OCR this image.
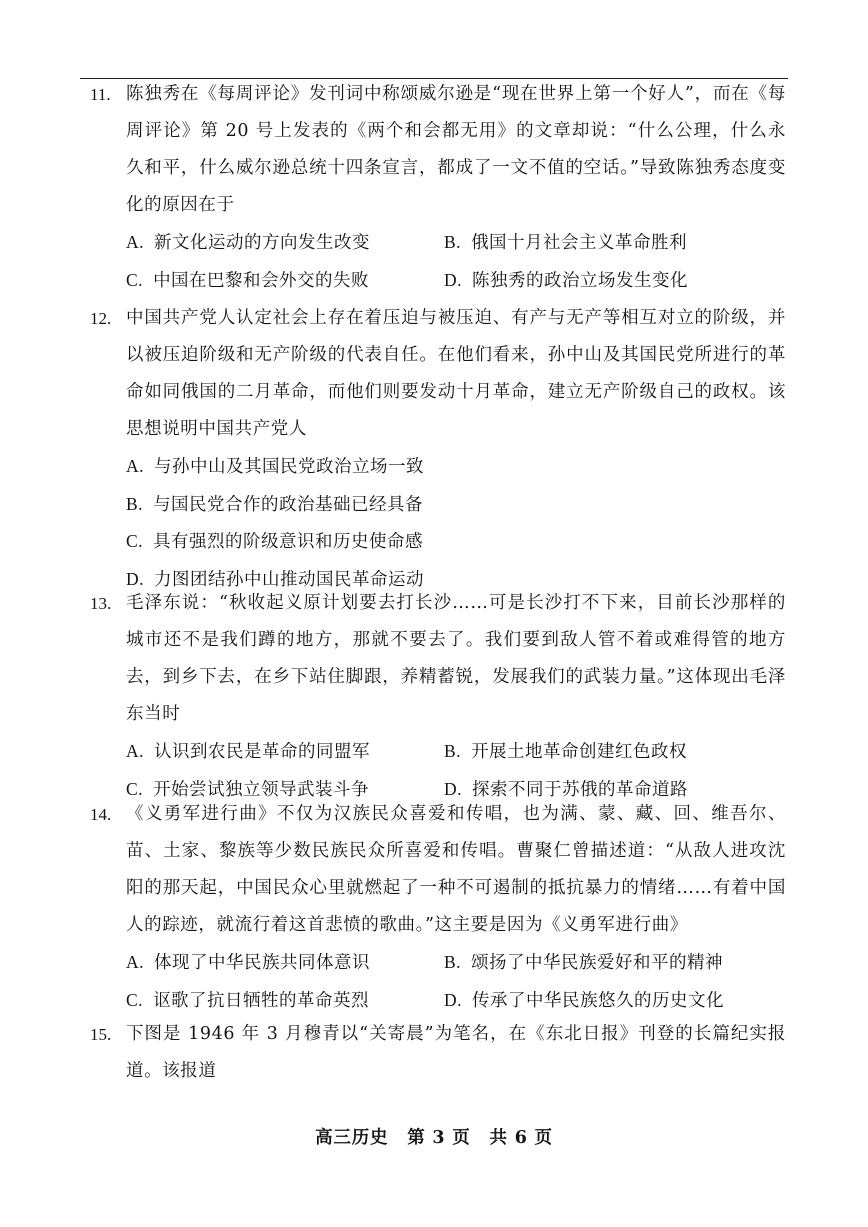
11. 陈独秀在《每周评论》发刊词中称颂威尔逊是“现在世界上第一个好人”，而在《每周评论》第 20 号上发表的《两个和会都无用》的文章却说：“什么公理，什么永久和平，什么威尔逊总统十四条宣言，都成了一文不值的空话。”导致陈独秀态度变化的原因在于
A. 新文化运动的方向发生改变	B. 俄国十月社会主义革命胜利
C. 中国在巴黎和会外交的失败	D. 陈独秀的政治立场发生变化
12. 中国共产党人认定社会上存在着压迫与被压迫、有产与无产等相互对立的阶级，并以被压迫阶级和无产阶级的代表自任。在他们看来，孙中山及其国民党所进行的革命如同俄国的二月革命，而他们则要发动十月革命，建立无产阶级自己的政权。该思想说明中国共产党人
A. 与孙中山及其国民党政治立场一致
B. 与国民党合作的政治基础已经具备
C. 具有强烈的阶级意识和历史使命感
D. 力图团结孙中山推动国民革命运动
13. 毛泽东说：“秋收起义原计划要去打长沙……可是长沙打不下来，目前长沙那样的城市还不是我们蹲的地方，那就不要去了。我们要到敌人管不着或难得管的地方去，到乡下去，在乡下站住脚跟，养精蓄锐，发展我们的武装力量。”这体现出毛泽东当时
A. 认识到农民是革命的同盟军	B. 开展土地革命创建红色政权
C. 开始尝试独立领导武装斗争	D. 探索不同于苏俄的革命道路
14. 《义勇军进行曲》不仅为汉族民众喜爱和传唱，也为满、蒙、藏、回、维吾尔、苗、土家、黎族等少数民族民众所喜爱和传唱。曹聚仁曾描述道：“从敌人进攻沈阳的那天起，中国民众心里就燃起了一种不可遏制的抵抗暴力的情绪……有着中国人的踪迹，就流行着这首悲愤的歌曲。”这主要是因为《义勇军进行曲》
A. 体现了中华民族共同体意识	B. 颂扬了中华民族爱好和平的精神
C. 讴歌了抗日牺牲的革命英烈	D. 传承了中华民族悠久的历史文化
15. 下图是 1946 年 3 月穆青以“关寄晨”为笔名，在《东北日报》刊登的长篇纪实报道。该报道
高三历史 第 3 页 共 6 页
